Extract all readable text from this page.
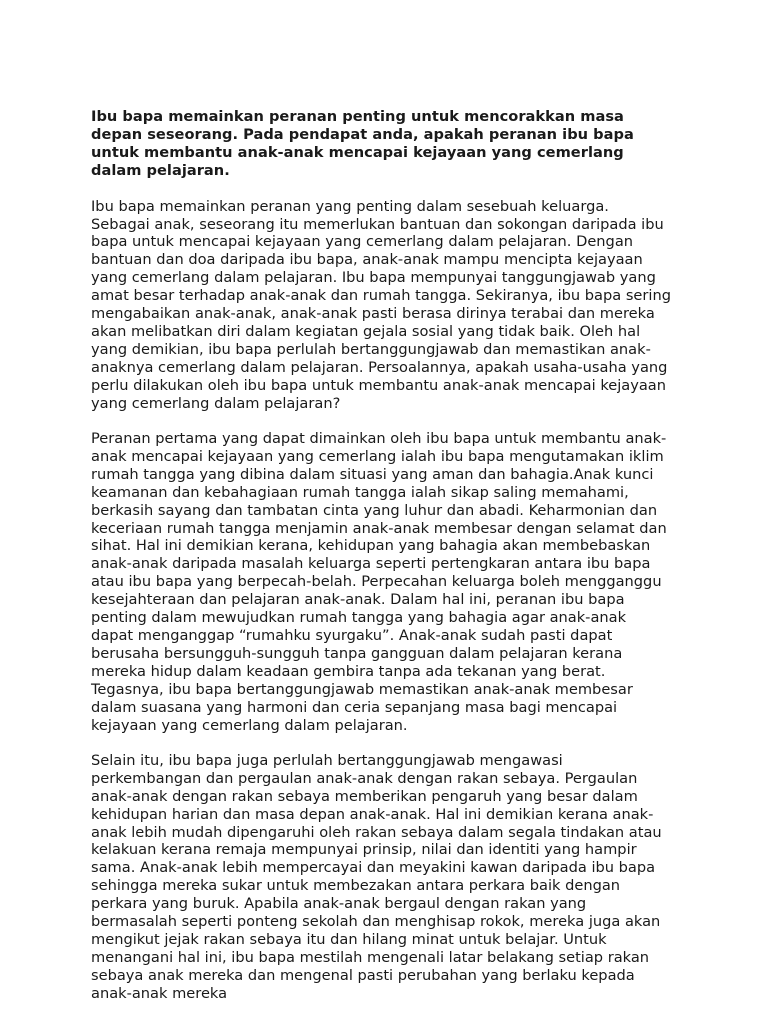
Ibu bapa memainkan peranan penting untuk mencorakkan masa depan seseorang. Pada pendapat anda, apakah peranan ibu bapa untuk membantu anak-anak mencapai kejayaan yang cemerlang dalam pelajaran.

Ibu bapa memainkan peranan yang penting dalam sesebuah keluarga. Sebagai anak, seseorang itu memerlukan bantuan dan sokongan daripada ibu bapa untuk mencapai kejayaan yang cemerlang dalam pelajaran. Dengan bantuan dan doa daripada ibu bapa, anak-anak mampu mencipta kejayaan yang cemerlang dalam pelajaran. Ibu bapa mempunyai tanggungjawab yang amat besar terhadap anak-anak dan rumah tangga. Sekiranya, ibu bapa sering mengabaikan anak-anak, anak-anak pasti berasa dirinya terabai dan mereka akan melibatkan diri dalam kegiatan gejala sosial yang tidak baik. Oleh hal yang demikian, ibu bapa perlulah bertanggungjawab dan memastikan anak-anaknya cemerlang dalam pelajaran. Persoalannya, apakah usaha-usaha yang perlu dilakukan oleh ibu bapa untuk membantu anak-anak mencapai kejayaan yang cemerlang dalam pelajaran?

Peranan pertama yang dapat dimainkan oleh ibu bapa untuk membantu anak-anak mencapai kejayaan yang cemerlang ialah ibu bapa mengutamakan iklim rumah tangga yang dibina dalam situasi yang aman dan bahagia.Anak kunci keamanan dan kebahagiaan rumah tangga ialah sikap saling memahami, berkasih sayang dan tambatan cinta yang luhur dan abadi. Keharmonian dan keceriaan rumah tangga menjamin anak-anak membesar dengan selamat dan sihat. Hal ini demikian kerana, kehidupan yang bahagia akan membebaskan anak-anak daripada masalah keluarga seperti pertengkaran antara ibu bapa atau ibu bapa yang berpecah-belah. Perpecahan keluarga boleh mengganggu kesejahteraan dan pelajaran anak-anak. Dalam hal ini, peranan ibu bapa penting dalam mewujudkan rumah tangga yang bahagia agar anak-anak dapat menganggap “rumahku syurgaku”. Anak-anak sudah pasti dapat berusaha bersungguh-sungguh tanpa gangguan dalam pelajaran kerana mereka hidup dalam keadaan gembira tanpa ada tekanan yang berat. Tegasnya, ibu bapa bertanggungjawab memastikan anak-anak membesar dalam suasana yang harmoni dan ceria sepanjang masa bagi mencapai kejayaan yang cemerlang dalam pelajaran.

Selain itu, ibu bapa juga perlulah bertanggungjawab mengawasi perkembangan dan pergaulan anak-anak dengan rakan sebaya. Pergaulan anak-anak dengan rakan sebaya memberikan pengaruh yang besar dalam kehidupan harian dan masa depan anak-anak. Hal ini demikian kerana anak-anak lebih mudah dipengaruhi oleh rakan sebaya dalam segala tindakan atau kelakuan kerana remaja mempunyai prinsip, nilai dan identiti yang hampir sama. Anak-anak lebih mempercayai dan meyakini kawan daripada ibu bapa sehingga mereka sukar untuk membezakan antara perkara baik dengan perkara yang buruk. Apabila anak-anak bergaul dengan rakan yang bermasalah seperti ponteng sekolah dan menghisap rokok, mereka juga akan mengikut jejak rakan sebaya itu dan hilang minat untuk belajar. Untuk menangani hal ini, ibu bapa mestilah mengenali latar belakang setiap rakan sebaya anak mereka dan mengenal pasti perubahan yang berlaku kepada anak-anak mereka
